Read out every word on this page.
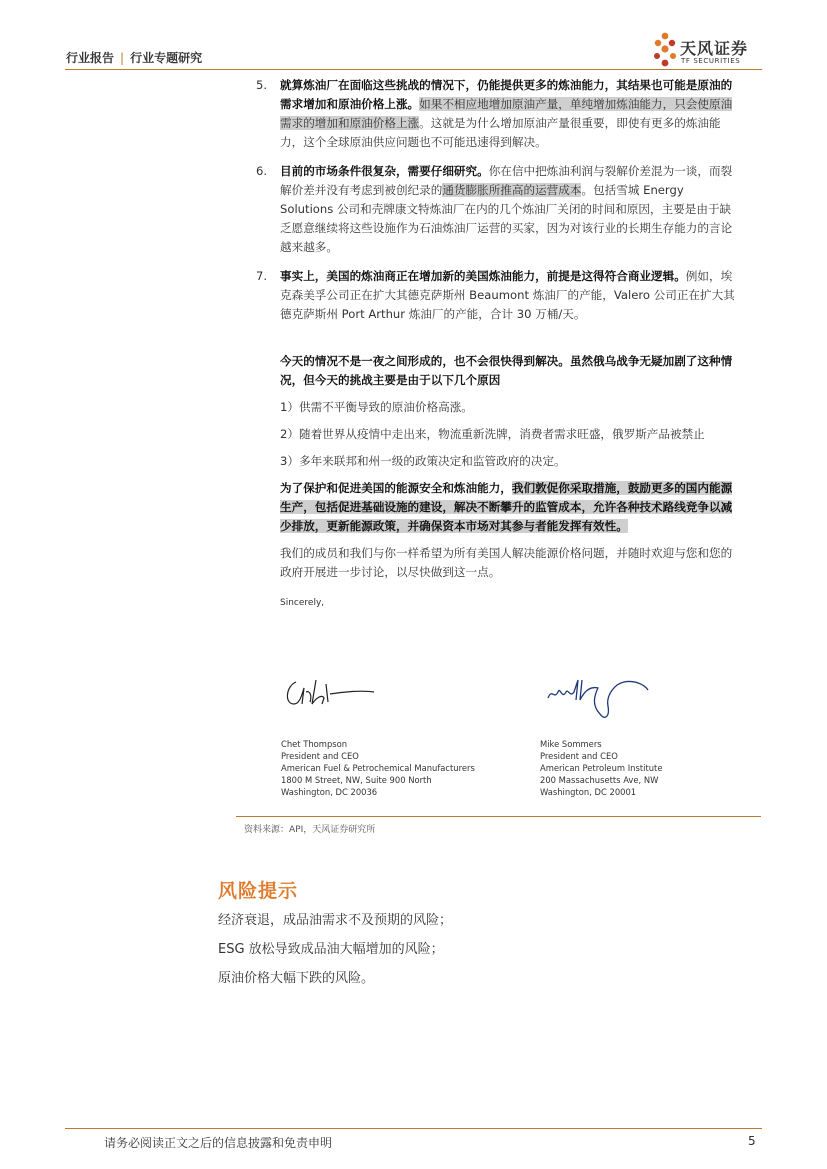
行业报告 | 行业专题研究	天风证券
TF SECURITIES
5. 就算炼油厂在面临这些挑战的情况下，仍能提供更多的炼油能力，其结果也可能是原油的需求增加和原油价格上涨。如果不相应地增加原油产量，单纯增加炼油能力，只会使原油需求的增加和原油价格上涨。这就是为什么增加原油产量很重要，即使有更多的炼油能力，这个全球原油供应问题也不可能迅速得到解决。
6. 目前的市场条件很复杂，需要仔细研究。你在信中把炼油利润与裂解价差混为一谈，而裂解价差并没有考虑到被创纪录的通货膨胀所推高的运营成本。包括雪城 Energy Solutions 公司和壳牌康文特炼油厂在内的几个炼油厂关闭的时间和原因，主要是由于缺乏愿意继续将这些设施作为石油炼油厂运营的买家，因为对该行业的长期生存能力的言论越来越多。
7. 事实上，美国的炼油商正在增加新的美国炼油能力，前提是这得符合商业逻辑。例如，埃克森美孚公司正在扩大其德克萨斯州 Beaumont 炼油厂的产能，Valero 公司正在扩大其德克萨斯州 Port Arthur 炼油厂的产能，合计 30 万桶/天。
今天的情况不是一夜之间形成的，也不会很快得到解决。虽然俄乌战争无疑加剧了这种情况，但今天的挑战主要是由于以下几个原因
1）供需不平衡导致的原油价格高涨。
2）随着世界从疫情中走出来，物流重新洗牌，消费者需求旺盛，俄罗斯产品被禁止
3）多年来联邦和州一级的政策决定和监管政府的决定。
为了保护和促进美国的能源安全和炼油能力，我们敦促你采取措施，鼓励更多的国内能源生产，包括促进基础设施的建设，解决不断攀升的监管成本，允许各种技术路线竞争以减少排放，更新能源政策，并确保资本市场对其参与者能发挥有效性。
我们的成员和我们与你一样希望为所有美国人解决能源价格问题，并随时欢迎与您和您的政府开展进一步讨论，以尽快做到这一点。
Sincerely,
Chet Thompson
President and CEO
American Fuel & Petrochemical Manufacturers
1800 M Street, NW, Suite 900 North
Washington, DC 20036
Mike Sommers
President and CEO
American Petroleum Institute
200 Massachusetts Ave, NW
Washington, DC 20001
资料来源：API，天风证券研究所
风险提示
经济衰退，成品油需求不及预期的风险；
ESG 放松导致成品油大幅增加的风险；
原油价格大幅下跌的风险。
请务必阅读正文之后的信息披露和免责申明	5
